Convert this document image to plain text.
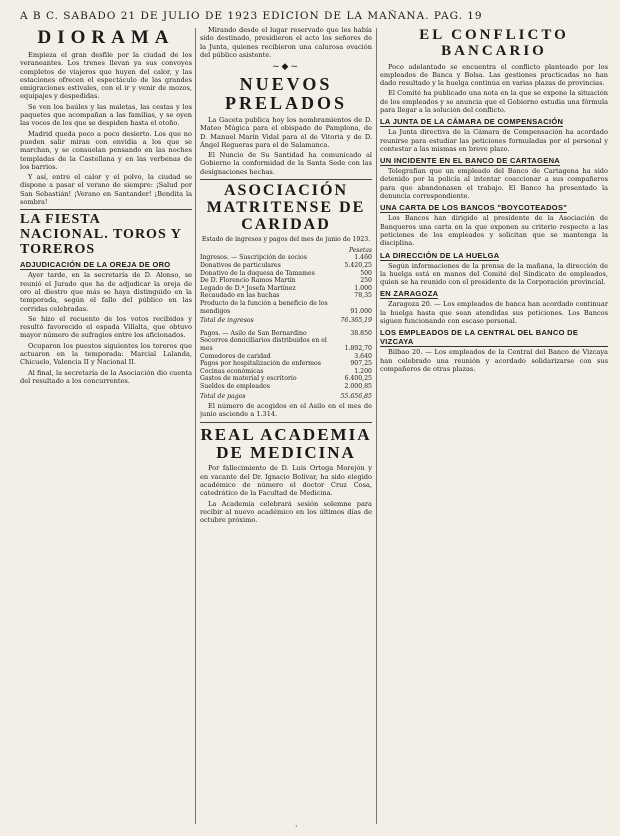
A B C. SABADO 21 DE JULIO DE 1923 EDICION DE LA MAÑANA. PAG. 19
DIORAMA

Empieza el gran desfile por la ciudad de los veraneantes. Los trenes llevan ya sus convoyes completos de viajeros que huyen del calor, y las estaciones ofrecen el espectáculo de las grandes emigraciones estivales, con el ir y venir de mozos, equipajes y despedidas.

Se ven los baúles y las maletas, las cestas y los paquetes que acompañan a las familias, y se oyen las voces de los que se despiden hasta el otoño.

Madrid queda poco a poco desierto. Los que no pueden salir miran con envidia a los que se marchan, y se consuelan pensando en las noches templadas de la Castellana y en las verbenas de los barrios.

Y así, entre el calor y el polvo, la ciudad se dispone a pasar el verano de siempre: ¡Salud por San Sebastián! ¡Verano en Santander! ¡Bendita la sombra!

LA FIESTA NACIONAL. TOROS Y TOREROS
ADJUDICACIÓN DE LA OREJA DE ORO

Ayer tarde, en la secretaría de D. Alonso, se reunió el Jurado que ha de adjudicar la oreja de oro al diestro que más se haya distinguido en la temporada, según el fallo del público en las corridas celebradas.

Se hizo el recuento de los votos recibidos y resultó favorecido el espada Villalta, que obtuvo mayor número de sufragios entre los aficionados.

Ocuparon los puestos siguientes los toreros que actuaron en la temporada: Marcial Lalanda, Chicuelo, Valencia II y Nacional II.

Al final, la secretaría de la Asociación dio cuenta del resultado a los concurrentes.

Mirando desde el lugar reservado que les había sido destinado, presidieron el acto los señores de la Junta, quienes recibieron una calurosa ovación del público asistente.

~◆~
NUEVOS PRELADOS

La Gaceta publica hoy los nombramientos de D. Mateo Múgica para el obispado de Pamplona, de D. Manuel Marín Vidal para el de Vitoria y de D. Ángel Regueras para el de Salamanca.

El Nuncio de Su Santidad ha comunicado al Gobierno la conformidad de la Santa Sede con las designaciones hechas.

ASOCIACIÓN MATRITENSE DE CARIDAD
Estado de ingresos y pagos del mes de junio de 1923.
Pesetas
Ingresos. — Suscripción de socios	1.460
Donativos de particulares	5.420,25
Donativo de la duquesa de Tamames	500
De D. Florencio Ramos Martín	250
Legado de D.ª Josefa Martínez	1.000
Recaudado en las huchas	78,35
Producto de la función a beneficio de los mendigos	91.000
Total de ingresos	76.365,19
Pagos. — Asilo de San Bernardino	38.850
Socorros domiciliarios distribuidos en el mes	1.892,70
Comedores de caridad	3.640
Pagos por hospitalización de enfermos	907,25
Cocinas económicas	1.200
Gastos de material y escritorio	6.400,25
Sueldos de empleados	2.000,85
Total de pagos	55.656,85

El número de acogidos en el Asilo en el mes de junio asciende a 1.314.

REAL ACADEMIA DE MEDICINA

Por fallecimiento de D. Luis Ortega Morejón y en vacante del Dr. Ignacio Bolívar, ha sido elegido académico de número el doctor Cruz Cosa, catedrático de la Facultad de Medicina.

La Academia celebrará sesión solemne para recibir al nuevo académico en los últimos días de octubre próximo.

EL CONFLICTO BANCARIO

Poco adelantado se encuentra el conflicto planteado por los empleados de Banca y Bolsa. Las gestiones practicadas no han dado resultado y la huelga continúa en varias plazas de provincias.

El Comité ha publicado una nota en la que se expone la situación de los empleados y se anuncia que el Gobierno estudia una fórmula para llegar a la solución del conflicto.

LA JUNTA DE LA CÁMARA DE COMPENSACIÓN

La Junta directiva de la Cámara de Compensación ha acordado reunirse para estudiar las peticiones formuladas por el personal y contestar a las mismas en breve plazo.

UN INCIDENTE EN EL BANCO DE CARTAGENA

Telegrafían que un empleado del Banco de Cartagena ha sido detenido por la policía al intentar coaccionar a sus compañeros para que abandonasen el trabajo. El Banco ha presentado la denuncia correspondiente.

UNA CARTA DE LOS BANCOS "BOYCOTEADOS"

Los Bancos han dirigido al presidente de la Asociación de Banqueros una carta en la que exponen su criterio respecto a las peticiones de los empleados y solicitan que se mantenga la disciplina.

LA DIRECCIÓN DE LA HUELGA

Según informaciones de la prensa de la mañana, la dirección de la huelga está en manos del Comité del Sindicato de empleados, quien se ha reunido con el presidente de la Corporación provincial.

EN ZARAGOZA

Zaragoza 20. — Los empleados de banca han acordado continuar la huelga hasta que sean atendidas sus peticiones. Los Bancos siguen funcionando con escaso personal.

LOS EMPLEADOS DE LA CENTRAL DEL BANCO DE VIZCAYA

Bilbao 20. — Los empleados de la Central del Banco de Vizcaya han celebrado una reunión y acordado solidarizarse con sus compañeros de otras plazas.

·
